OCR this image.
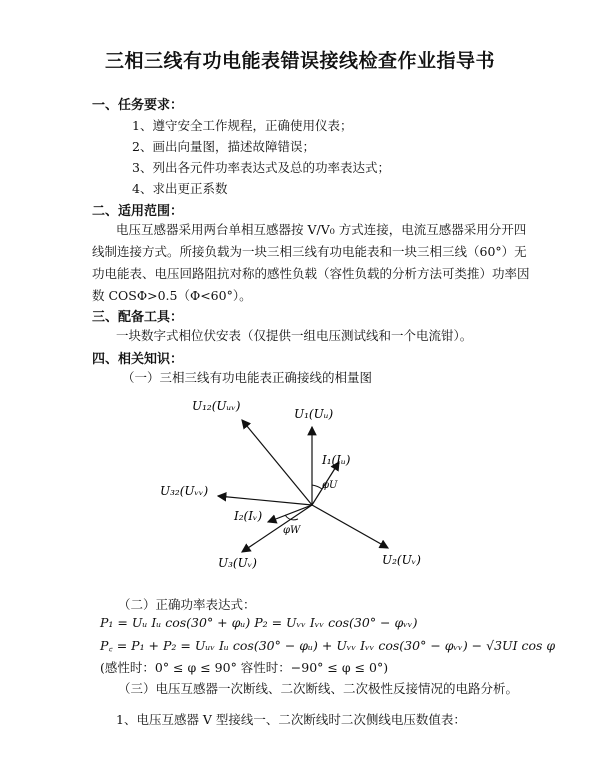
三相三线有功电能表错误接线检查作业指导书
一、任务要求：
1、遵守安全工作规程，正确使用仪表；
2、画出向量图，描述故障错误；
3、列出各元件功率表达式及总的功率表达式；
4、求出更正系数
二、适用范围：
电压互感器采用两台单相互感器按 V/V₀ 方式连接，电流互感器采用分开四
线制连接方式。所接负载为一块三相三线有功电能表和一块三相三线（60°）无
功电能表、电压回路阻抗对称的感性负载（容性负载的分析方法可类推）功率因
数 COSΦ>0.5（Φ<60°）。
三、配备工具：
一块数字式相位伏安表（仅提供一组电压测试线和一个电流钳）。
四、相关知识：
（一）三相三线有功电能表正确接线的相量图
U₁₂(Uᵤᵥ)
U₁(Uᵤ)
I₁(Iᵤ)
φU
U₃₂(Uᵥᵥ)
I₂(Iᵥ)
φW
U₃(Uᵥ)	U₂(Uᵥ)
（二）正确功率表达式：
P₁ = Uᵤ Iᵤ cos(30° + φᵤ) P₂ = Uᵥᵥ Iᵥᵥ cos(30° − φᵥᵥ)
P꜀ = P₁ + P₂ = Uᵤᵥ Iᵤ cos(30° − φᵤ) + Uᵥᵥ Iᵥᵥ cos(30° − φᵥᵥ) − √3UI cos φ
(感性时：0° ≤ φ ≤ 90° 容性时：−90° ≤ φ ≤ 0°)
（三）电压互感器一次断线、二次断线、二次极性反接情况的电路分析。
1、电压互感器 V 型接线一、二次断线时二次侧线电压数值表：
